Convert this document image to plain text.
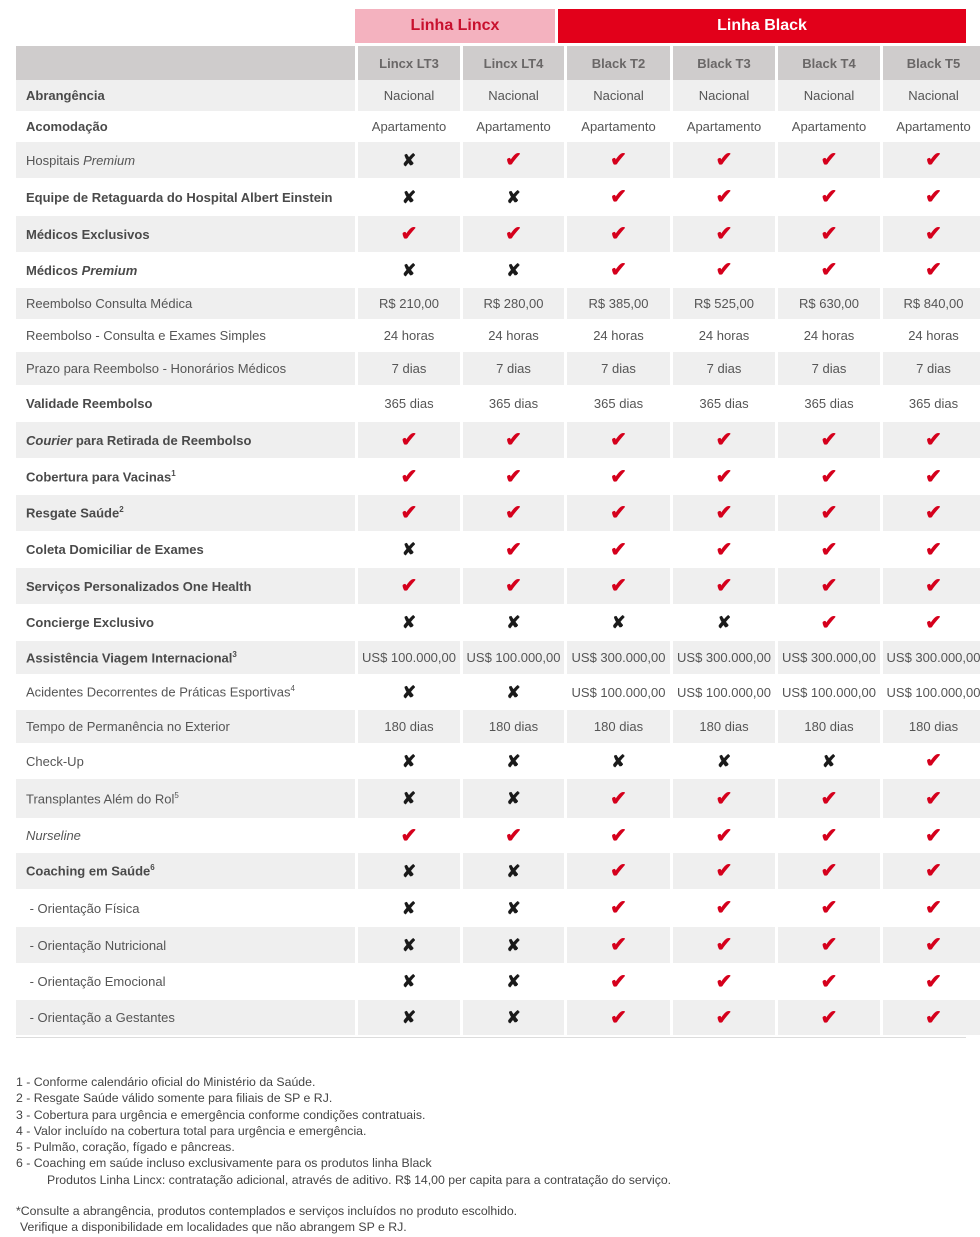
Linha Lincx	Linha Black
	Lincx LT3	Lincx LT4	Black T2	Black T3	Black T4	Black T5
Abrangência	Nacional	Nacional	Nacional	Nacional	Nacional	Nacional
Acomodação	Apartamento	Apartamento	Apartamento	Apartamento	Apartamento	Apartamento
Hospitais Premium	✘	✔	✔	✔	✔	✔
Equipe de Retaguarda do Hospital Albert Einstein	✘	✘	✔	✔	✔	✔
Médicos Exclusivos	✔	✔	✔	✔	✔	✔
Médicos Premium	✘	✘	✔	✔	✔	✔
Reembolso Consulta Médica	R$ 210,00	R$ 280,00	R$ 385,00	R$ 525,00	R$ 630,00	R$ 840,00
Reembolso - Consulta e Exames Simples	24 horas	24 horas	24 horas	24 horas	24 horas	24 horas
Prazo para Reembolso - Honorários Médicos	7 dias	7 dias	7 dias	7 dias	7 dias	7 dias
Validade Reembolso	365 dias	365 dias	365 dias	365 dias	365 dias	365 dias
Courier para Retirada de Reembolso	✔	✔	✔	✔	✔	✔
Cobertura para Vacinas$^1$	✔	✔	✔	✔	✔	✔
Resgate Saúde$^2$	✔	✔	✔	✔	✔	✔
Coleta Domiciliar de Exames	✘	✔	✔	✔	✔	✔
Serviços Personalizados One Health	✔	✔	✔	✔	✔	✔
Concierge Exclusivo	✘	✘	✘	✘	✔	✔
Assistência Viagem Internacional$^3$	US$ 100.000,00	US$ 100.000,00	US$ 300.000,00	US$ 300.000,00	US$ 300.000,00	US$ 300.000,00
Acidentes Decorrentes de Práticas Esportivas$^4$	✘	✘	US$ 100.000,00	US$ 100.000,00	US$ 100.000,00	US$ 100.000,00
Tempo de Permanência no Exterior	180 dias	180 dias	180 dias	180 dias	180 dias	180 dias
Check-Up	✘	✘	✘	✘	✘	✔
Transplantes Além do Rol$^5$	✘	✘	✔	✔	✔	✔
Nurseline	✔	✔	✔	✔	✔	✔
Coaching em Saúde$^6$	✘	✘	✔	✔	✔	✔
- Orientação Física	✘	✘	✔	✔	✔	✔
- Orientação Nutricional	✘	✘	✔	✔	✔	✔
- Orientação Emocional	✘	✘	✔	✔	✔	✔
- Orientação a Gestantes	✘	✘	✔	✔	✔	✔
1 - Conforme calendário oficial do Ministério da Saúde.
2 - Resgate Saúde válido somente para filiais de SP e RJ.
3 - Cobertura para urgência e emergência conforme condições contratuais.
4 - Valor incluído na cobertura total para urgência e emergência.
5 - Pulmão, coração, fígado e pâncreas.
6 - Coaching em saúde incluso exclusivamente para os produtos linha Black
Produtos Linha Lincx: contratação adicional, através de aditivo. R$ 14,00 per capita para a contratação do serviço.
*Consulte a abrangência, produtos contemplados e serviços incluídos no produto escolhido.
Verifique a disponibilidade em localidades que não abrangem SP e RJ.
